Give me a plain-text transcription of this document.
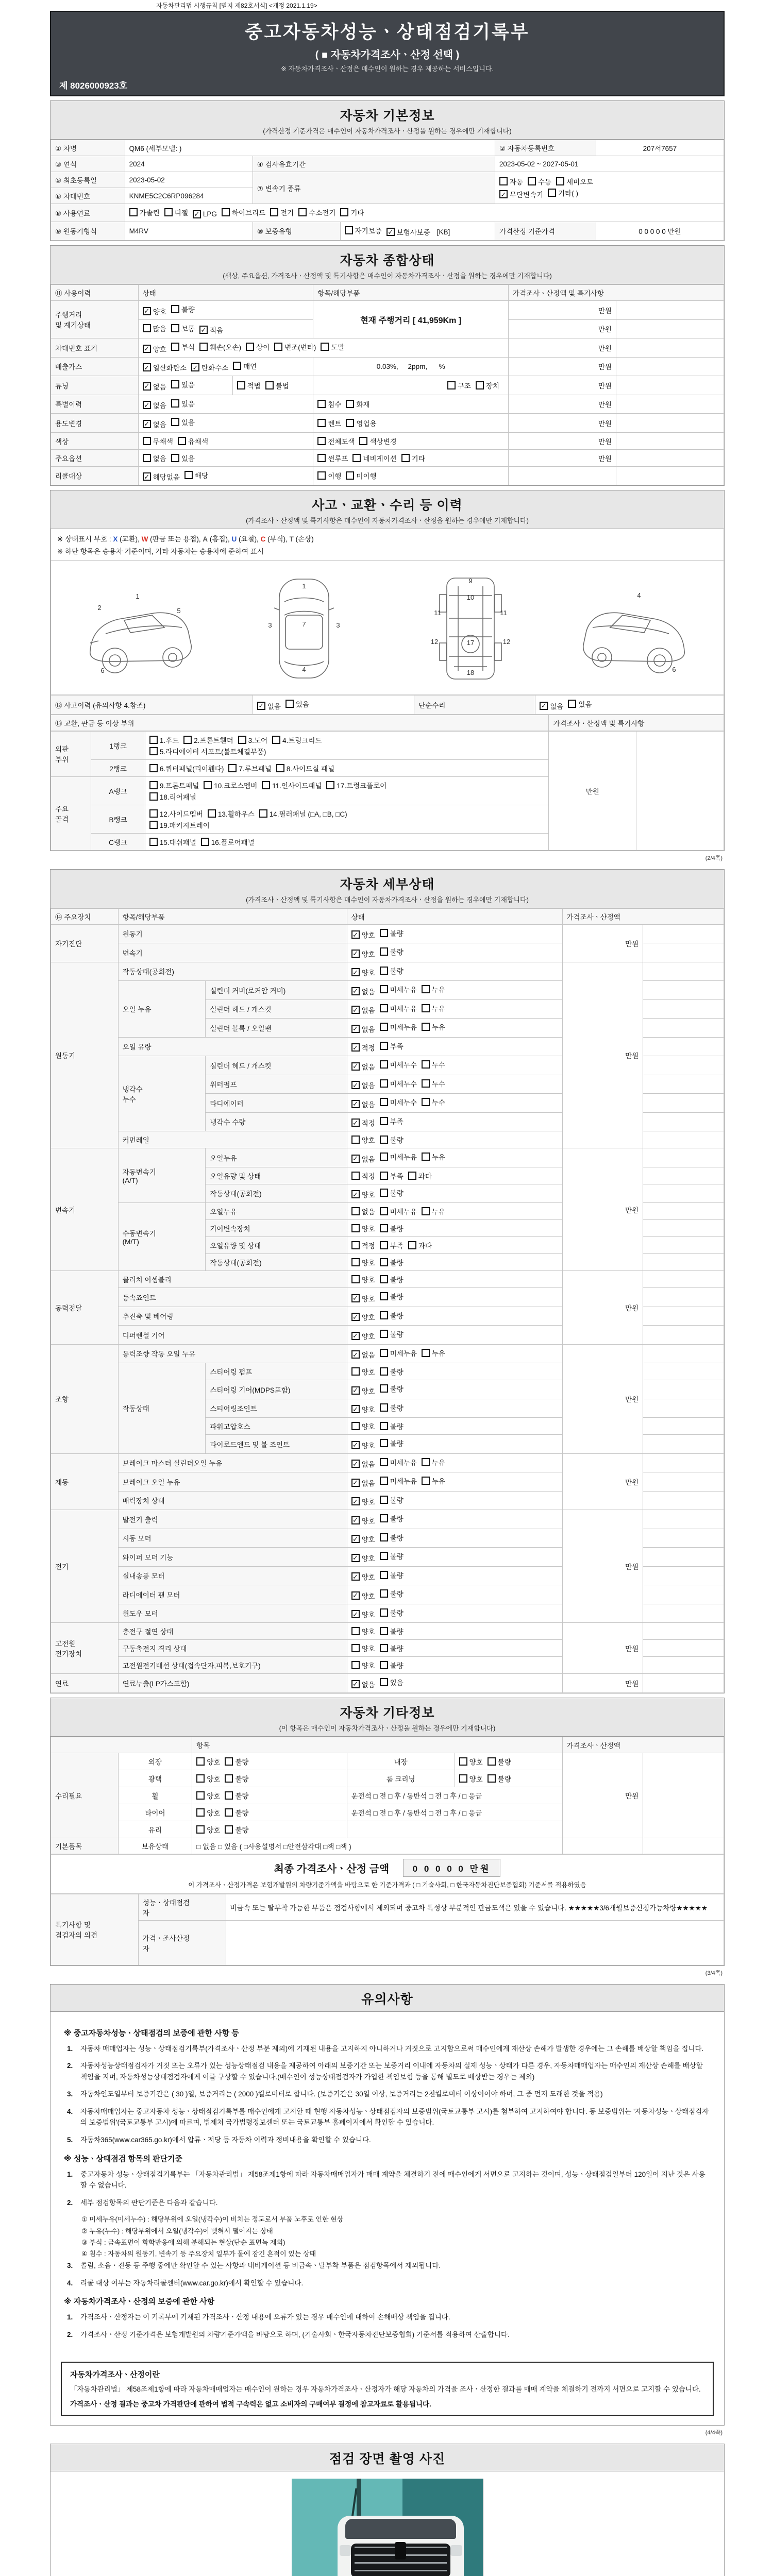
자동차관리법 시행규칙 [별지 제82호서식] <개정 2021.1.19>
중고자동차성능ㆍ상태점검기록부
( ■ 자동차가격조사ㆍ산정 선택 )
※ 자동차가격조사ㆍ산정은 매수인이 원하는 경우 제공하는 서비스입니다.
제 8026000923호
자동차 기본정보
(가격산정 기준가격은 매수인이 자동차가격조사ㆍ산정을 원하는 경우에만 기재합니다)
① 차명	QM6 (세부모델: )			② 자동차등록번호	207서7657
③ 연식	2024	④ 검사유효기간		2023-05-02 ~ 2027-05-01	
⑤ 최초등록일	2023-05-02	⑦ 변속기 종류	
자동 수동 세미오토

✓ 무단변속기 기타( )

⑥ 차대번호	KNME5C2C6RP096284				
⑧ 사용연료	가솔린 디젤 ✓ LPG 하이브리드 전기 수소전기 기타

⑨ 원동기형식	M4RV	⑩ 보증유형	자기보증 ✓ 보험사보증 [KB]	가격산정 기준가격	0 0 0 0 0 만원
자동차 종합상태
(색상, 주요옵션, 가격조사ㆍ산정액 및 특기사항은 매수인이 자동차가격조사ㆍ산정을 원하는 경우에만 기재합니다)
⑪ 사용이력	상태		항목/해당부품	가격조사ㆍ산정액 및 특기사항	
주행거리
및 계기상태	✓ 양호 불량		현재 주행거리 [ 41,959Km ]	만원	

	많음 보통 ✓ 적음			만원	
차대번호 표기	✓ 양호 부식 훼손(오손) 상이 변조(변타) 도말	만원	
배출가스	✓ 일산화탄소 ✓ 탄화수소 매연		0.03%,     2ppm,      %	만원	
튜닝	✓ 없음 있음	적법 불법	구조 장치	만원	
특별이력	✓ 없음 있음		침수 화재	만원	
용도변경	✓ 없음 있음		렌트 영업용	만원	
색상	무채색 유채색		전체도색 색상변경	만원	
주요옵션	없음 있음		썬루프 네비게이션 기타	만원	
리콜대상	✓ 해당없음 해당		이행 미이행		

사고ㆍ교환ㆍ수리 등 이력
(가격조사ㆍ산정액 및 특기사항은 매수인이 자동차가격조사ㆍ산정을 원하는 경우에만 기재합니다)
※ 상태표시 부호 : X (교환), W (판금 또는 용접), A (흠집), U (요철), C (부식), T (손상)
※ 하단 항목은 승용차 기준이며, 기타 자동차는 승용차에 준하여 표시
2
1
5
6
1
3	3
7
4
9
10
11	11
12	12
17
18
4
6
⑫ 사고이력 (유의사항 4.참조)	✓ 없음 있음	단순수리	✓ 없음 있음
⑬ 교환, 판금 등 이상 부위	가격조사ㆍ산정액 및 특기사항
외판
부위	1랭크	1.후드 2.프론트휀더 3.도어 4.트렁크리드

5.라디에이터 서포트(볼트체결부품)	만원	
	2랭크	6.쿼터패널(리어휀다) 7.루브패널 8.사이드실 패널		

주요
골격	A랭크	9.프론트패널 10.크로스멤버 11.인사이드패널 17.트렁크플로어

18.리어패널		

	B랭크	12.사이드멤버 13.휠하우스 14.필러패널 (□A, □B, □C)

19.패키지트레이		

	C랭크	15.대쉬패널 16.플로어패널		
(2/4쪽)
자동차 세부상태
(가격조사ㆍ산정액 및 특기사항은 매수인이 자동차가격조사ㆍ산정을 원하는 경우에만 기재합니다)
⑭ 주요장치	항목/해당부품		상태	가격조사ㆍ산정액	
자기진단	원동기		✓ 양호 불량	만원	
	변속기		✓ 양호 불량		

원동기	작동상태(공회전)		✓ 양호 불량	만원	
	오일 누유	실린더 커버(로커암 커버)	✓ 없음 미세누유 누유		

		실린더 헤드 / 개스킷	✓ 없음 미세누유 누유		

		실린더 블록 / 오일팬	✓ 없음 미세누유 누유		

	오일 유량		✓ 적정 부족		

	냉각수
누수	실린더 헤드 / 개스킷	✓ 없음 미세누수 누수		

		워터펌프	✓ 없음 미세누수 누수		

		라디에이터	✓ 없음 미세누수 누수		

		냉각수 수량	✓ 적정 부족		

	커먼레일		양호 불량		

변속기	자동변속기
(A/T)	오일누유	✓ 없음 미세누유 누유	만원	
		오일유량 및 상태	적정 부족 과다		

		작동상태(공회전)	✓ 양호 불량		

	수동변속기
(M/T)	오일누유	없음 미세누유 누유		

		기어변속장치	양호 불량		

		오일유량 및 상태	적정 부족 과다		

		작동상태(공회전)	양호 불량		

동력전달	클러치 어셈블리		양호 불량	만원	
	등속죠인트		✓ 양호 불량		

	추진축 및 베어링		✓ 양호 불량		

	디퍼렌셜 기어		✓ 양호 불량		

조향	동력조향 작동 오일 누유		✓ 없음 미세누유 누유	만원	
	작동상태	스티어링 펌프	양호 불량		

		스티어링 기어(MDPS포함)	✓ 양호 불량		

		스티어링조인트	✓ 양호 불량		

		파워고압호스	양호 불량		

		타이로드엔드 및 볼 조인트	✓ 양호 불량		

제동	브레이크 마스터 실린더오일 누유		✓ 없음 미세누유 누유	만원	
	브레이크 오일 누유		✓ 없음 미세누유 누유		

	배력장치 상태		✓ 양호 불량		

전기	발전기 출력		✓ 양호 불량	만원	
	시동 모터		✓ 양호 불량		

	와이퍼 모터 기능		✓ 양호 불량		

	실내송풍 모터		✓ 양호 불량		

	라디에이터 팬 모터		✓ 양호 불량		

	윈도우 모터		✓ 양호 불량		

고전원
전기장치	충전구 절연 상태		양호 불량	만원	
	구동축전지 격리 상태		양호 불량		

	고전원전기배선 상태(접속단자,피복,보호기구)		양호 불량		

연료	연료누출(LP가스포함)		✓ 없음 있음	만원	
자동차 기타정보
(이 항목은 매수인이 자동차가격조사ㆍ산정을 원하는 경우에만 기재합니다)
		항목			가격조사ㆍ산정액	
수리필요	외장	양호 불량	내장	양호 불량	만원	
	광택	양호 불량	룸 크리닝	양호 불량		

	휠	양호 불량	운전석 □ 전 □ 후 / 동반석 □ 전 □ 후 / □ 응급			
	타이어	양호 불량	운전석 □ 전 □ 후 / 동반석 □ 전 □ 후 / □ 응급			
	유리	양호 불량				

기본품목	보유상태	□ 없음 □ 있음 ( □사용설명서 □안전삼각대 □잭 □잭 )				
최종 가격조사ㆍ산정 금액	0 0 0 0 0 만원
이 가격조사ㆍ산정가격은 보험개발원의 차량기준가액을 바탕으로 한 기준가격과 ( □ 기술사회, □ 한국자동차진단보증협회) 기준서를 적용하였음
특기사항 및
점검자의 의견	성능ㆍ상태점검
자	비금속 또는 탈부착 가능한 부품은 점검사항에서 제외되며 중고차 특성상 부분적인 판금도색은 있을 수 있습니다. ★★★★★3/6개월보증신청가능차량★★★★★
	가격ㆍ조사산정
자	
(3/4쪽)
유의사항
※ 중고자동차성능ㆍ상태점검의 보증에 관한 사항 등
1.	자동차 매매업자는 성능ㆍ상태점검기록부(가격조사ㆍ산정 부분 제외)에 기재된 내용을 고지하지 아니하거나 거짓으로 고지함으로써 매수인에게 재산상 손해가 발생한 경우에는 그 손해를 배상할 책임을 집니다.
2.	자동차성능상태점검자가 거짓 또는 오류가 있는 성능상태점검 내용을 제공하여 아래의 보증기간 또는 보증거리 이내에 자동차의 실제 성능ㆍ상태가 다른 경우, 자동차매매업자는 매수인의 재산상 손해를 배상할 책임을 지며, 자동차성능상태점검자에게 이를 구상할 수 있습니다.(매수인이 성능상태점검자가 가입한 책임보험 등을 통해 별도로 배상받는 경우는 제외)
3.	자동차인도일부터 보증기간은 ( 30 )일, 보증거리는 ( 2000 )킬로미터로 합니다. (보증기간은 30일 이상, 보증거리는 2천킬로미터 이상이어야 하며, 그 중 먼저 도래한 것을 적용)
4.	자동차매매업자는 중고자동차 성능ㆍ상태점검기록부를 매수인에게 고지할 때 현행 자동차성능ㆍ상태점검자의 보증범위(국토교통부 고시)를 첨부하여 고지하여야 합니다. 동 보증범위는 '자동차성능ㆍ상태점검자의 보증범위'(국토교통부 고시)에 따르며, 법제처 국가법령정보센터 또는 국토교통부 홈페이지에서 확인할 수 있습니다.
5.	자동차365(www.car365.go.kr)에서 압류ㆍ저당 등 자동차 이력과 정비내용을 확인할 수 있습니다.
※ 성능ㆍ상태점검 항목의 판단기준
1.	중고자동차 성능ㆍ상태점검기록부는 「자동차관리법」 제58조제1항에 따라 자동차매매업자가 매매 계약을 체결하기 전에 매수인에게 서면으로 고지하는 것이며, 성능ㆍ상태점검일부터 120일이 지난 것은 사용할 수 없습니다.
2.	세부 점검항목의 판단기준은 다음과 같습니다.
① 미세누유(미세누수) : 해당부위에 오일(냉각수)이 비치는 정도로서 부품 노후로 인한 현상
② 누유(누수) : 해당부위에서 오일(냉각수)이 맺혀서 떨어지는 상태
③ 부식 : 금속표면이 화학반응에 의해 분해되는 현상(단순 표면녹 제외)
④ 침수 : 자동차의 원동기, 변속기 등 주요장치 일부가 물에 잠긴 흔적이 있는 상태
3.	쏠림, 소음ㆍ진동 등 주행 중에만 확인할 수 있는 사항과 내비게이션 등 비금속ㆍ탈부착 부품은 점검항목에서 제외됩니다.
4.	리콜 대상 여부는 자동차리콜센터(www.car.go.kr)에서 확인할 수 있습니다.
※ 자동차가격조사ㆍ산정의 보증에 관한 사항
1.	가격조사ㆍ산정자는 이 기록부에 기재된 가격조사ㆍ산정 내용에 오류가 있는 경우 매수인에 대하여 손해배상 책임을 집니다.
2.	가격조사ㆍ산정 기준가격은 보험개발원의 차량기준가액을 바탕으로 하며, (기술사회ㆍ한국자동차진단보증협회) 기준서를 적용하여 산출합니다.
자동차가격조사ㆍ산정이란
「자동차관리법」 제58조제1항에 따라 자동차매매업자는 매수인이 원하는 경우 자동차가격조사ㆍ산정자가 해당 자동차의 가격을 조사ㆍ산정한 결과를 매매 계약을 체결하기 전까지 서면으로 고지할 수 있습니다.
가격조사ㆍ산정 결과는 중고차 가격판단에 관하여 법적 구속력은 없고 소비자의 구매여부 결정에 참고자료로 활용됩니다.
(4/4쪽)
점검 장면 촬영 사진
